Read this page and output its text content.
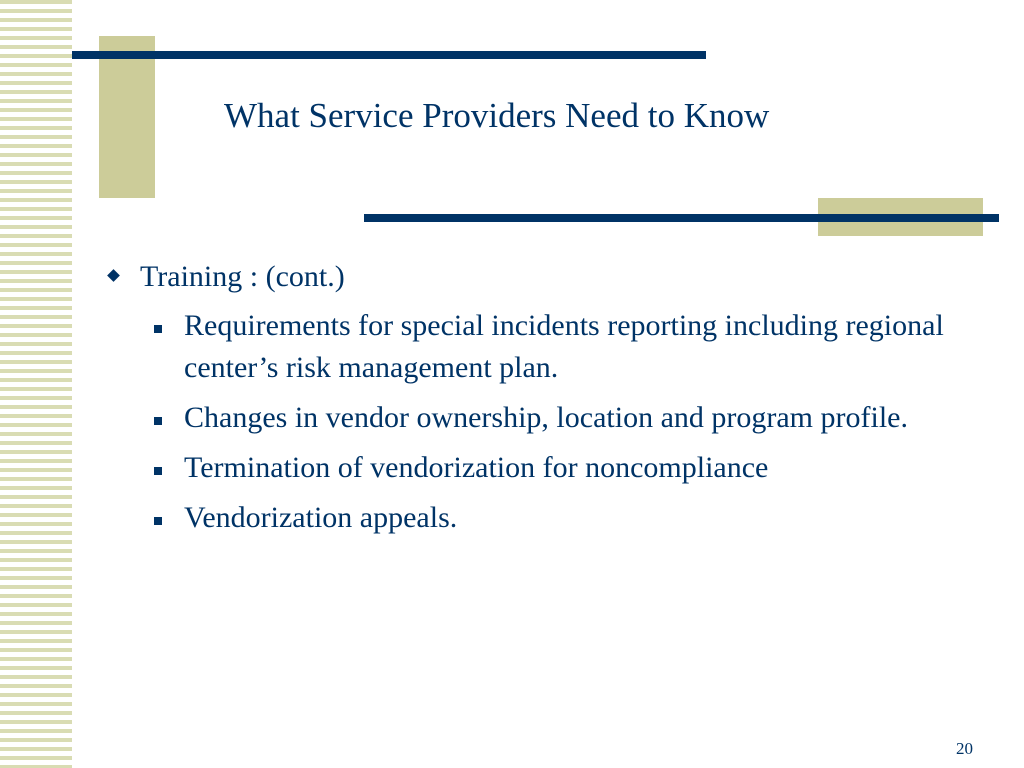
What Service Providers Need to Know
Training : (cont.)
Requirements for special incidents reporting including regional center’s risk management plan.
Changes in vendor ownership, location and program profile.
Termination of vendorization for noncompliance
Vendorization appeals.
20
